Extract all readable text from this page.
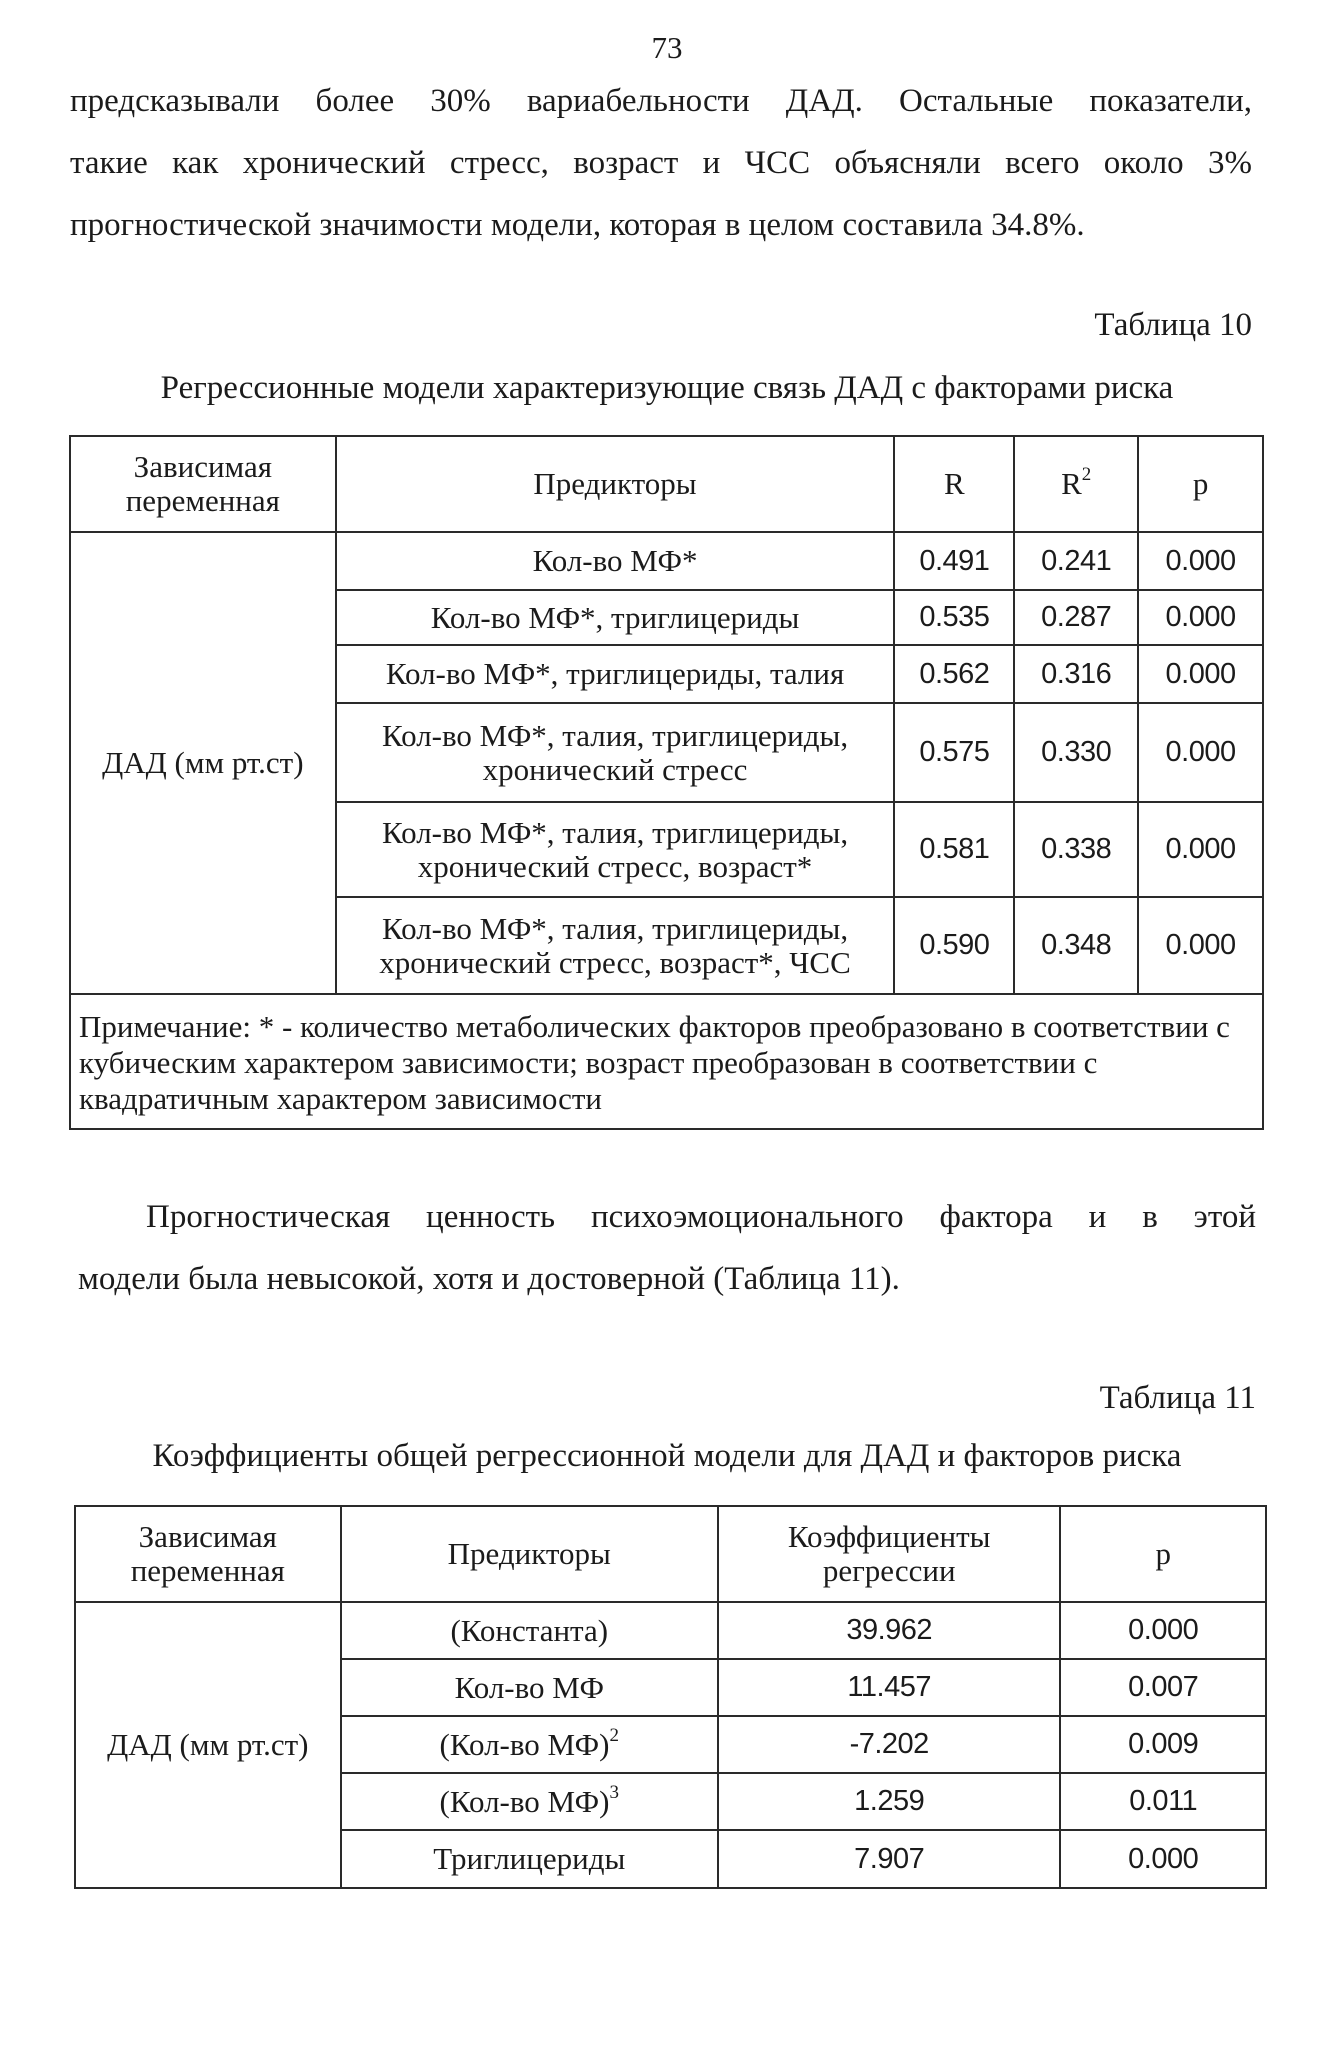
73
предсказывали более 30% вариабельности ДАД. Остальные показатели,
такие как хронический стресс, возраст и ЧСС объясняли всего около 3%
прогностической значимости модели, которая в целом составила 34.8%.
Таблица 10
Регрессионные модели характеризующие связь ДАД с факторами риска
Зависимая переменная	Предикторы	R	$R^2$	p
ДАД (мм рт.ст)	Кол-во МФ*	0.491	0.241	0.000
	Кол-во МФ*, триглицериды	0.535	0.287	0.000
	Кол-во МФ*, триглицериды, талия	0.562	0.316	0.000
	Кол-во МФ*, талия, триглицериды, хронический стресс	0.575	0.330	0.000
	Кол-во МФ*, талия, триглицериды, хронический стресс, возраст*	0.581	0.338	0.000
	Кол-во МФ*, талия, триглицериды, хронический стресс, возраст*, ЧСС	0.590	0.348	0.000
Примечание: * - количество метаболических факторов преобразовано в соответствии с кубическим характером зависимости; возраст преобразован в соответствии с квадратичным характером зависимости				
Прогностическая ценность психоэмоционального фактора и в этой
модели была невысокой, хотя и достоверной (Таблица 11).
Таблица 11
Коэффициенты общей регрессионной модели для ДАД и факторов риска
Зависимая переменная	Предикторы	Коэффициенты регрессии	p
ДАД (мм рт.ст)	(Константа)	39.962	0.000
	Кол-во МФ	11.457	0.007
	(Кол-во МФ)$^2$	-7.202	0.009
	(Кол-во МФ)$^3$	1.259	0.011
	Триглицериды	7.907	0.000
